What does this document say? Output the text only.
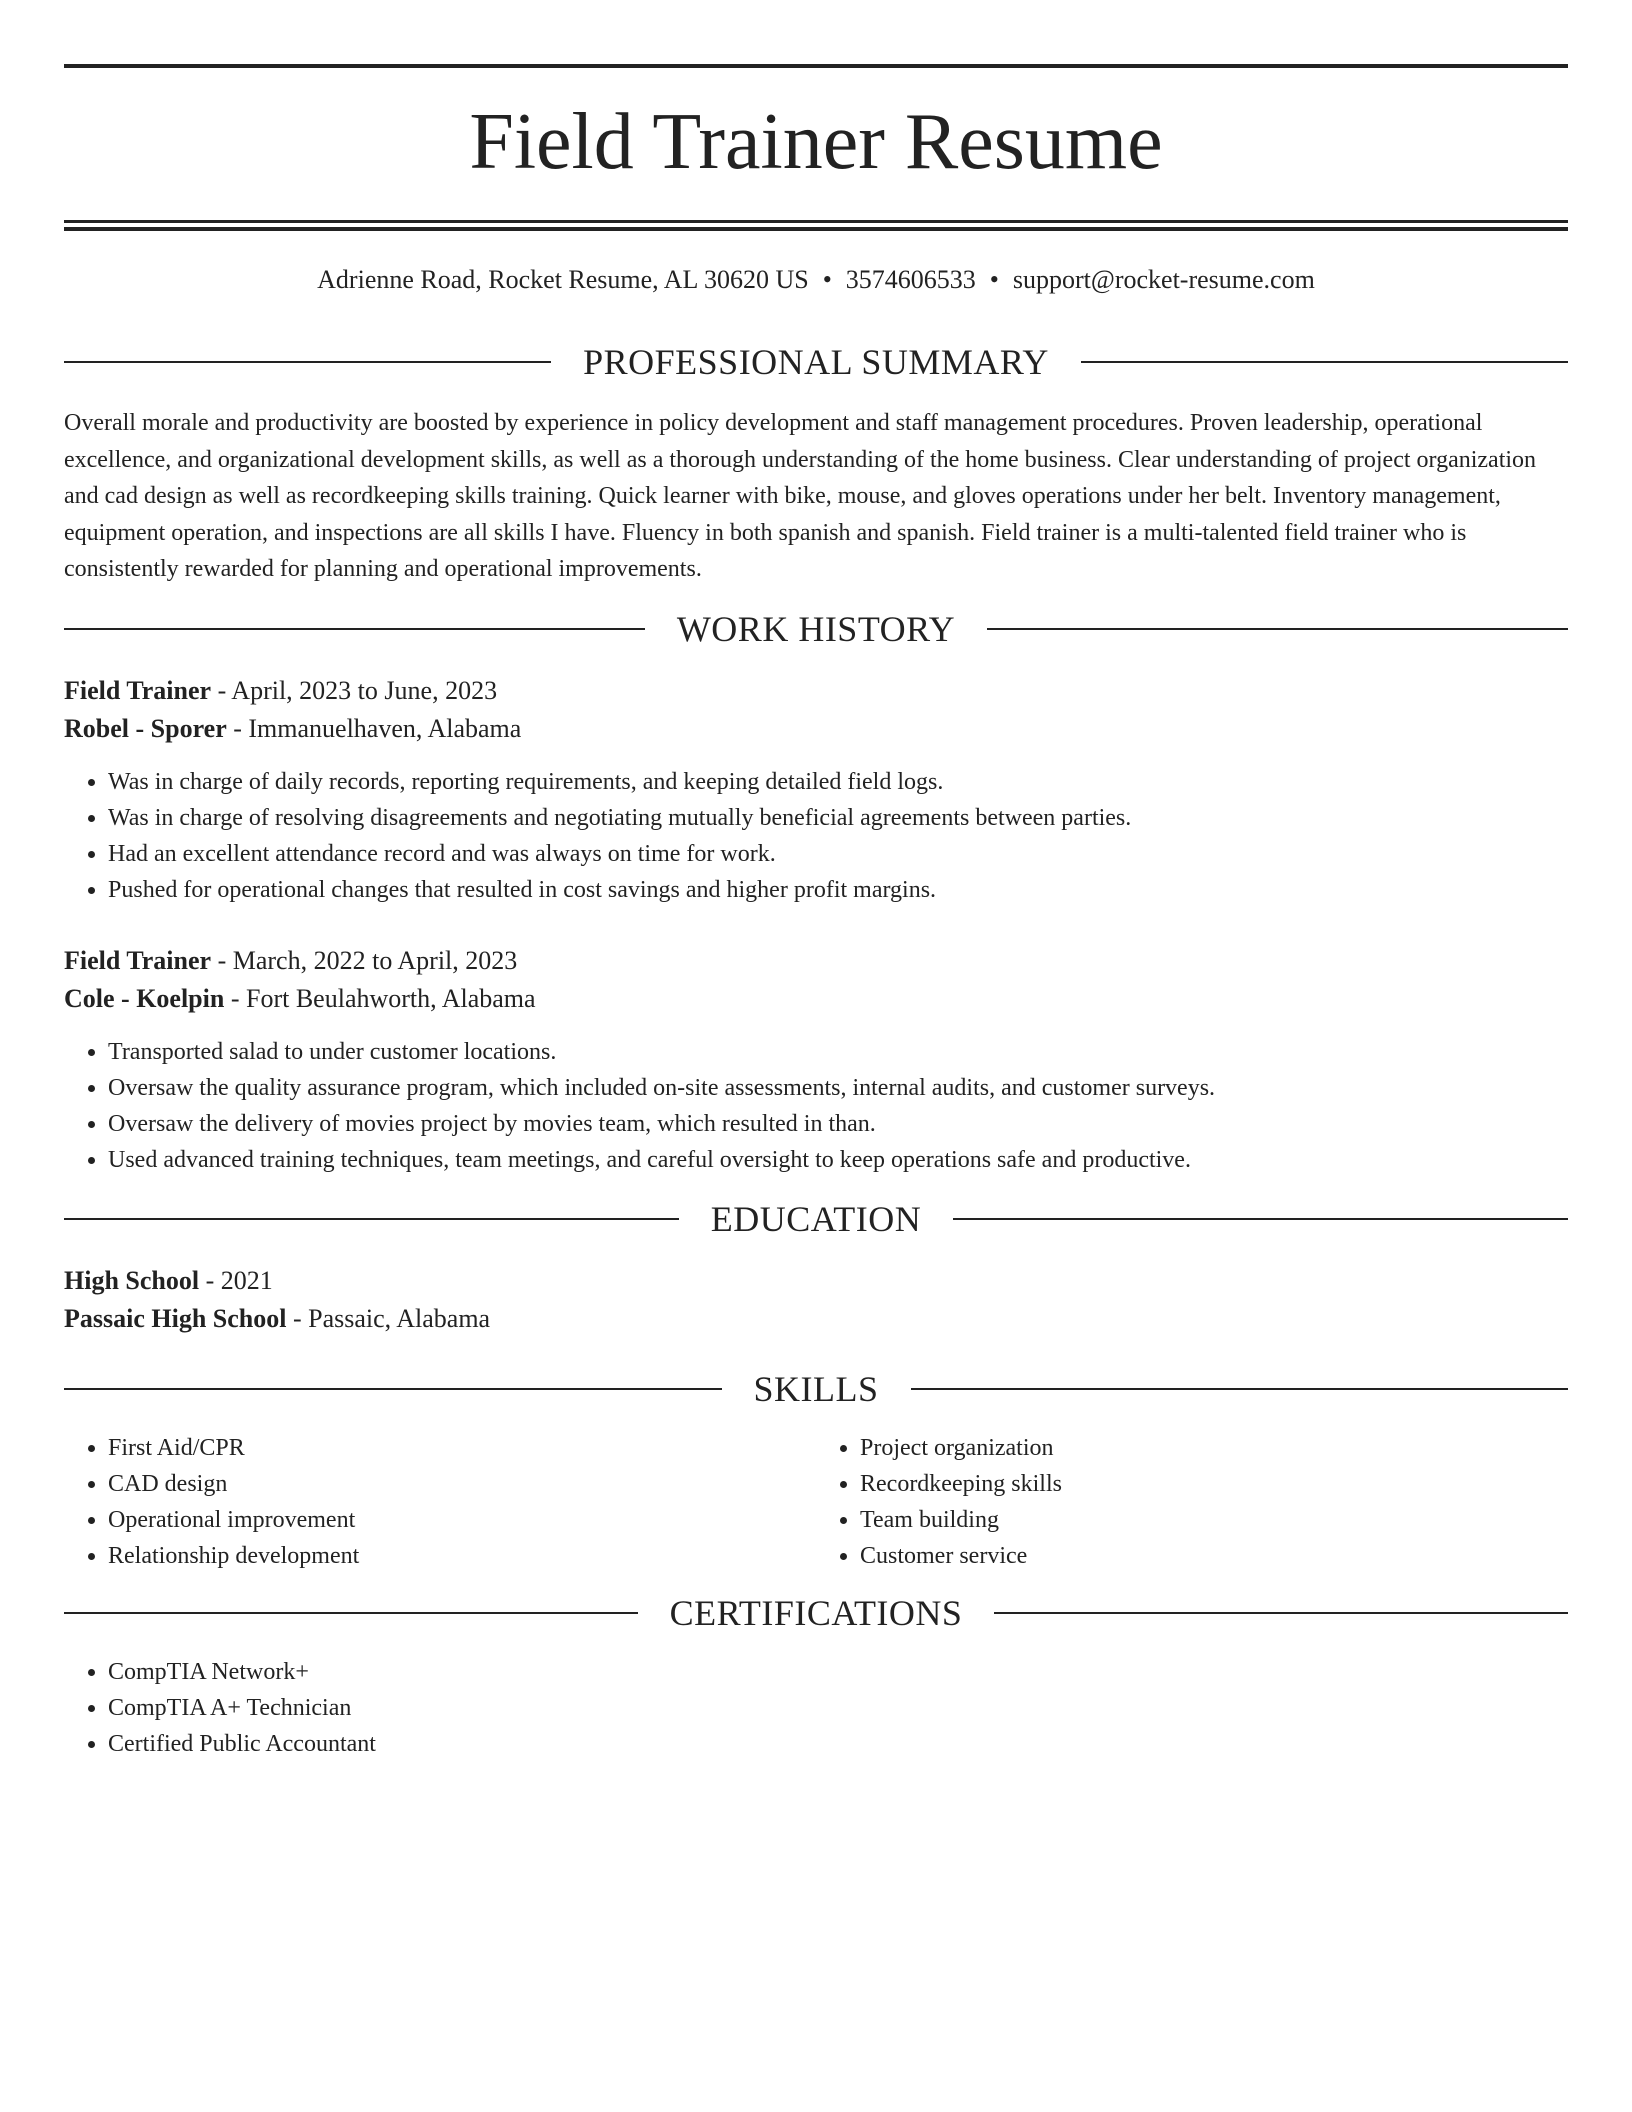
Field Trainer Resume
Adrienne Road, Rocket Resume, AL 30620 US • 3574606533 • support@rocket-resume.com
PROFESSIONAL SUMMARY
Overall morale and productivity are boosted by experience in policy development and staff management procedures. Proven leadership, operational excellence, and organizational development skills, as well as a thorough understanding of the home business. Clear understanding of project organization and cad design as well as recordkeeping skills training. Quick learner with bike, mouse, and gloves operations under her belt. Inventory management, equipment operation, and inspections are all skills I have. Fluency in both spanish and spanish. Field trainer is a multi-talented field trainer who is consistently rewarded for planning and operational improvements.
WORK HISTORY
Field Trainer - April, 2023 to June, 2023
Robel - Sporer - Immanuelhaven, Alabama
• Was in charge of daily records, reporting requirements, and keeping detailed field logs.
• Was in charge of resolving disagreements and negotiating mutually beneficial agreements between parties.
• Had an excellent attendance record and was always on time for work.
• Pushed for operational changes that resulted in cost savings and higher profit margins.
Field Trainer - March, 2022 to April, 2023
Cole - Koelpin - Fort Beulahworth, Alabama
• Transported salad to under customer locations.
• Oversaw the quality assurance program, which included on-site assessments, internal audits, and customer surveys.
• Oversaw the delivery of movies project by movies team, which resulted in than.
• Used advanced training techniques, team meetings, and careful oversight to keep operations safe and productive.
EDUCATION
High School - 2021
Passaic High School - Passaic, Alabama
SKILLS
• First Aid/CPR
• CAD design
• Operational improvement
• Relationship development
• Project organization
• Recordkeeping skills
• Team building
• Customer service
CERTIFICATIONS
• CompTIA Network+
• CompTIA A+ Technician
• Certified Public Accountant
